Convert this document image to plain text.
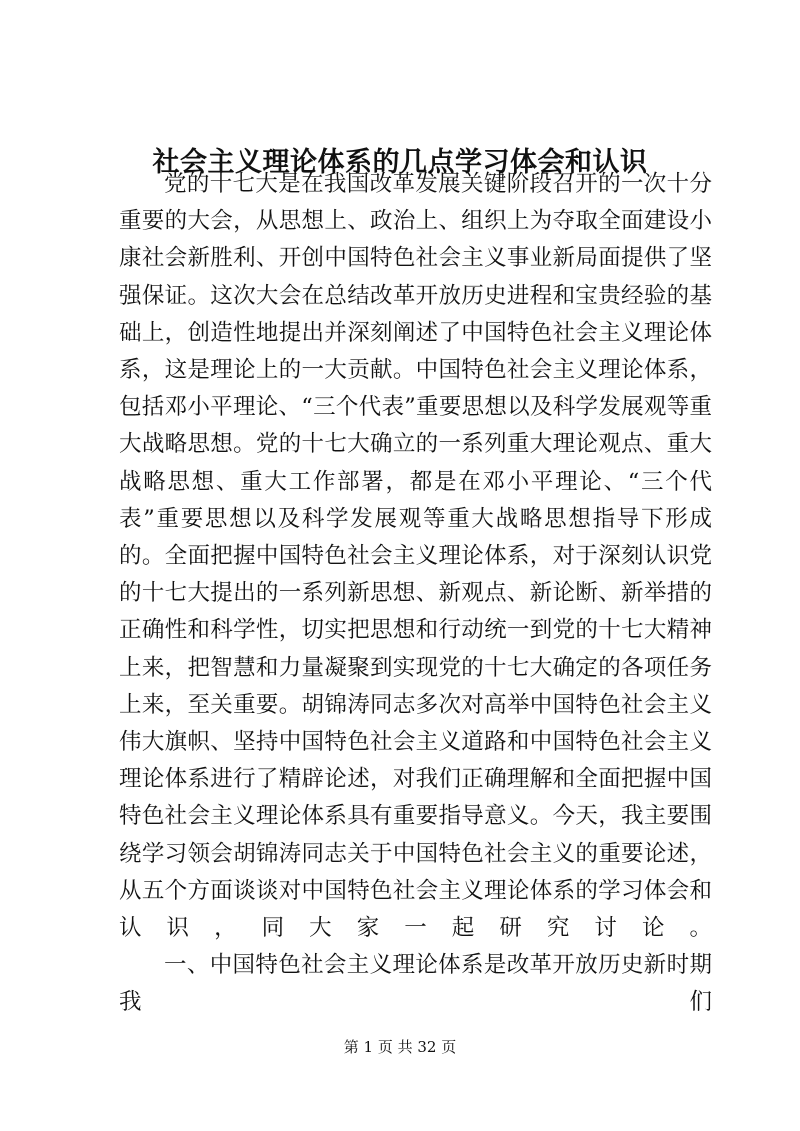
社会主义理论体系的几点学习体会和认识

党的十七大是在我国改革发展关键阶段召开的一次十分重要的大会，从思想上、政治上、组织上为夺取全面建设小康社会新胜利、开创中国特色社会主义事业新局面提供了坚强保证。这次大会在总结改革开放历史进程和宝贵经验的基础上，创造性地提出并深刻阐述了中国特色社会主义理论体系，这是理论上的一大贡献。中国特色社会主义理论体系，包括邓小平理论、“三个代表”重要思想以及科学发展观等重大战略思想。党的十七大确立的一系列重大理论观点、重大战略思想、重大工作部署，都是在邓小平理论、“三个代表”重要思想以及科学发展观等重大战略思想指导下形成的。全面把握中国特色社会主义理论体系，对于深刻认识党的十七大提出的一系列新思想、新观点、新论断、新举措的正确性和科学性，切实把思想和行动统一到党的十七大精神上来，把智慧和力量凝聚到实现党的十七大确定的各项任务上来，至关重要。胡锦涛同志多次对高举中国特色社会主义伟大旗帜、坚持中国特色社会主义道路和中国特色社会主义理论体系进行了精辟论述，对我们正确理解和全面把握中国特色社会主义理论体系具有重要指导意义。今天，我主要围绕学习领会胡锦涛同志关于中国特色社会主义的重要论述，从五个方面谈谈对中国特色社会主义理论体系的学习体会和认识，同大家一起研究讨论。

一、中国特色社会主义理论体系是改革开放历史新时期我们

第 1 页 共 32 页
